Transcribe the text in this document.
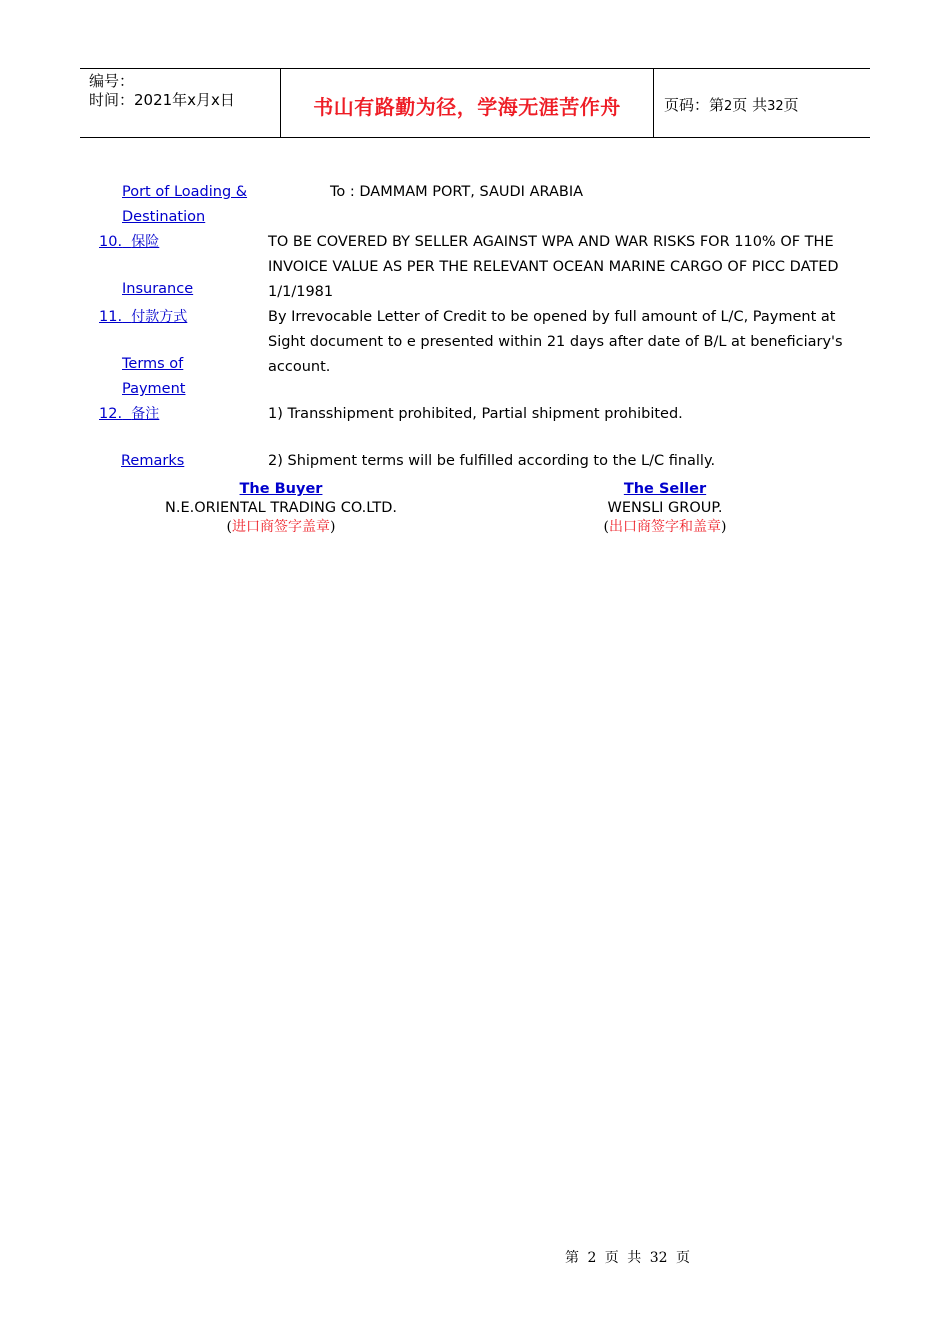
编号：
时间：2021年x月x日	书山有路勤为径，学海无涯苦作舟	页码：第2页 共32页
Port of Loading &
Destination
To : DAMMAM PORT, SAUDI ARABIA
10. 保险
Insurance
TO BE COVERED BY SELLER AGAINST WPA AND WAR RISKS FOR 110% OF THE INVOICE VALUE AS PER THE RELEVANT OCEAN MARINE CARGO OF PICC DATED 1/1/1981
11. 付款方式
Terms of
Payment
By Irrevocable Letter of Credit to be opened by full amount of L/C, Payment at Sight document to e presented within 21 days after date of B/L at beneficiary's account.
12. 备注
Remarks
1) Transshipment prohibited, Partial shipment prohibited.
2) Shipment terms will be fulfilled according to the L/C finally.
The Buyer
N.E.ORIENTAL TRADING CO.LTD.
(进口商签字盖章)
The Seller
WENSLI GROUP.
(出口商签字和盖章)
第 2 页 共 32 页
